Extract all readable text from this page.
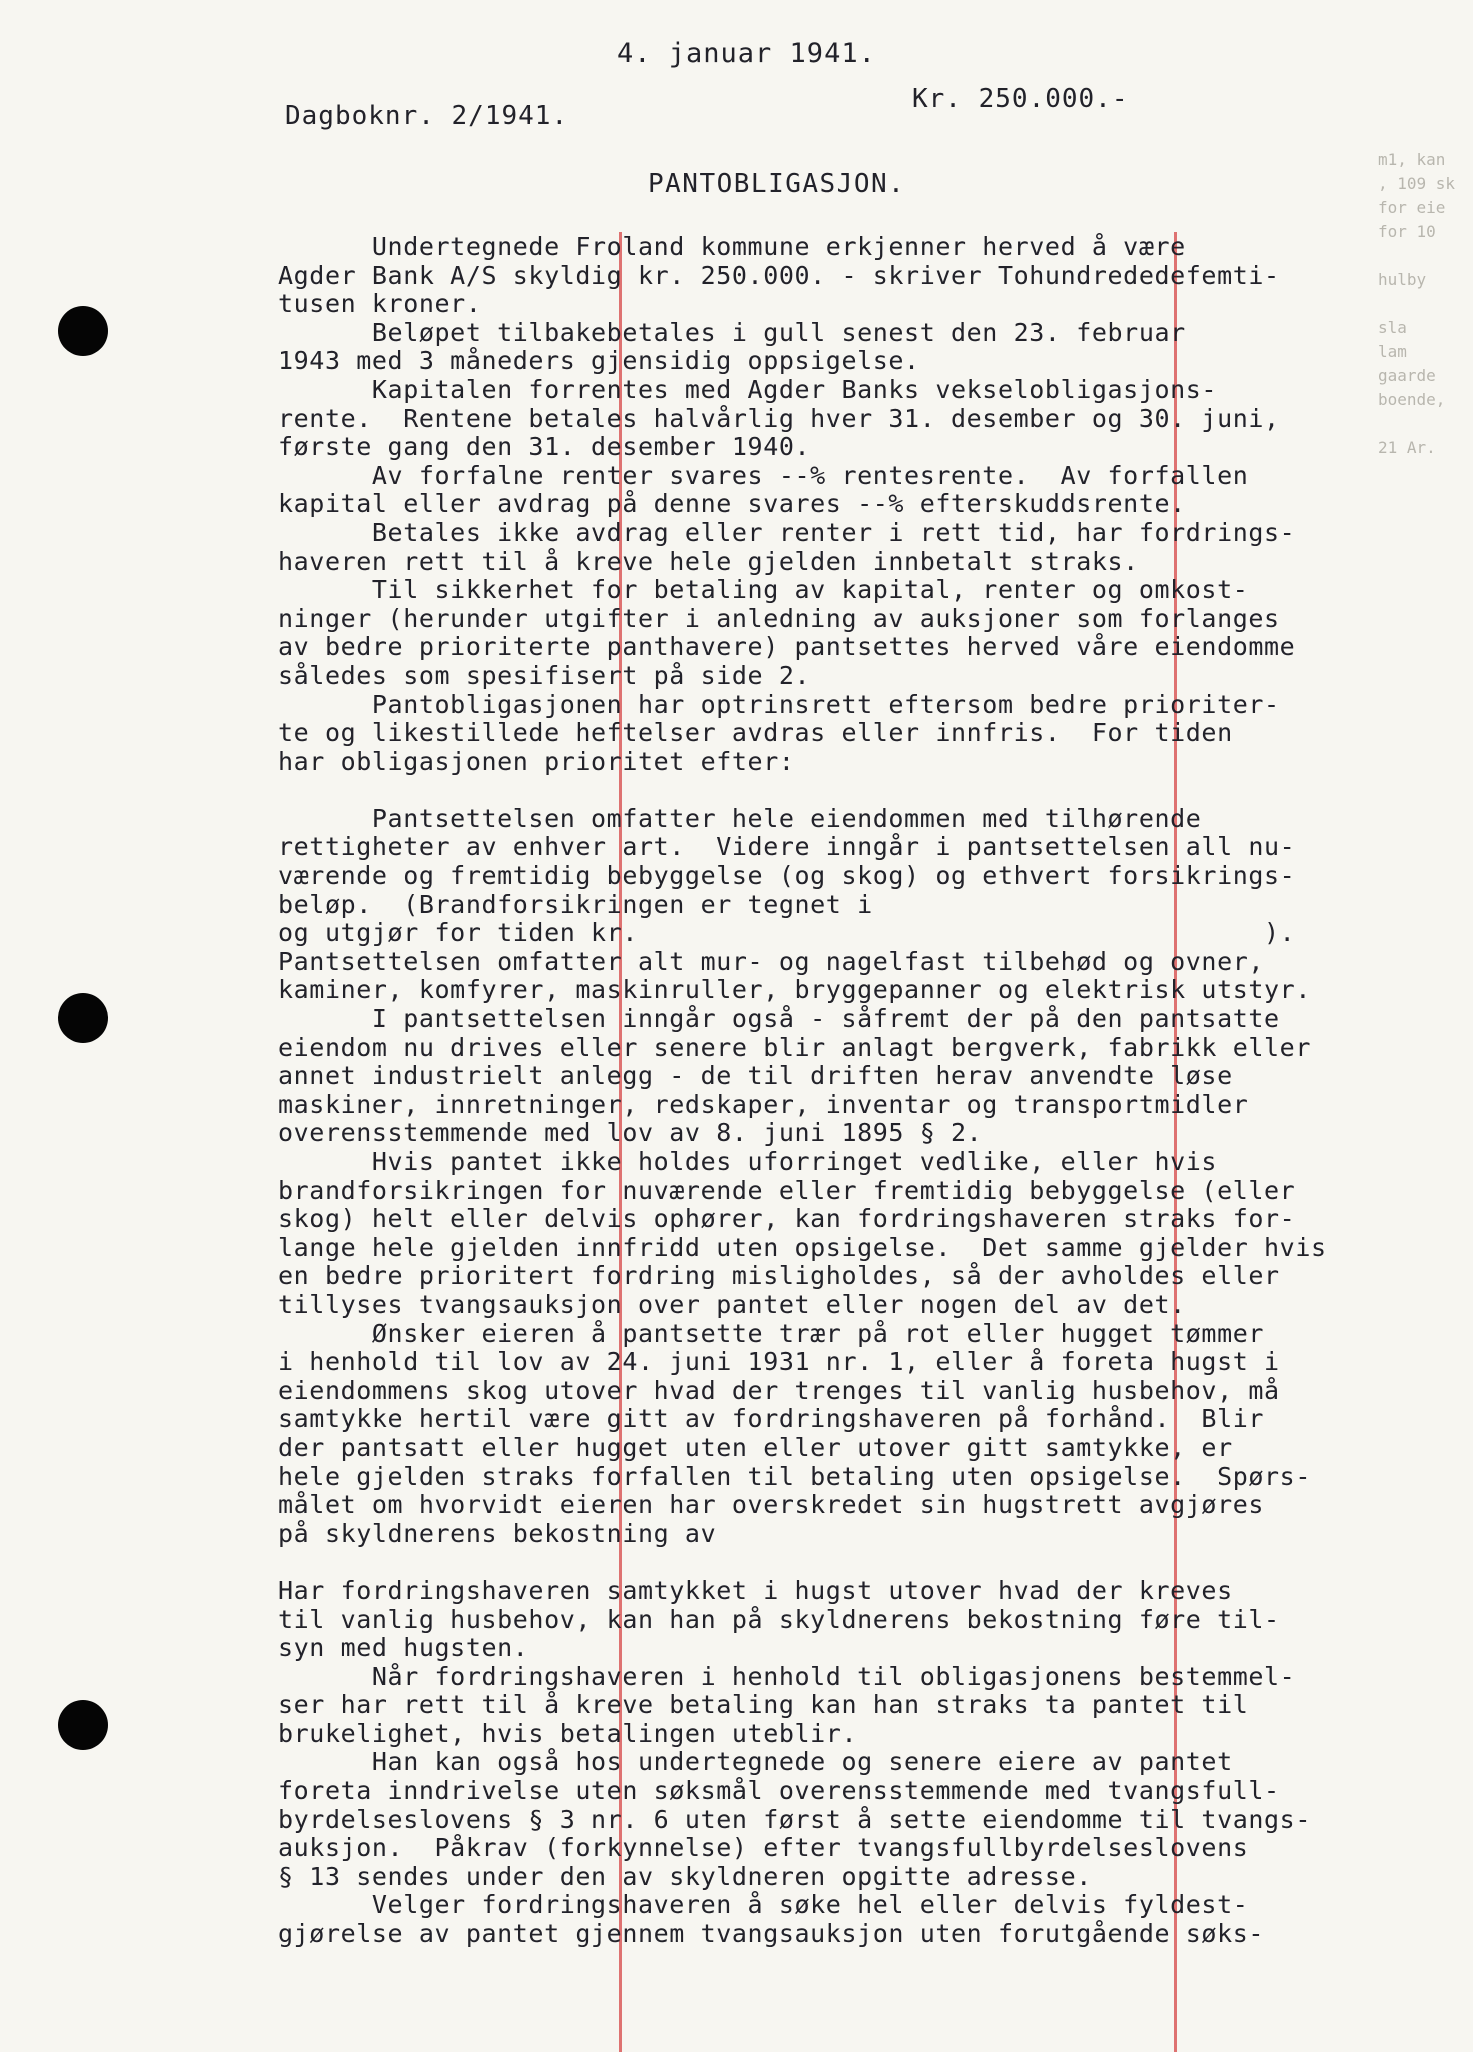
m1, kan
, 109 sk
for eie
for 10

hulby

sla
lam
gaarde
boende,

21 Ar.
4. januar 1941.
Dagboknr. 2/1941.
Kr. 250.000.-
PANTOBLIGASJON.
Undertegnede Froland kommune erkjenner herved å være
Agder Bank A/S skyldig kr. 250.000. - skriver Tohundrededefemti-
tusen kroner.
Beløpet tilbakebetales i gull senest den 23. februar
1943 med 3 måneders gjensidig oppsigelse.
Kapitalen forrentes med Agder Banks vekselobligasjons-
rente.  Rentene betales halvårlig hver 31. desember og 30. juni,
første gang den 31. desember 1940.
Av forfalne renter svares --% rentesrente.  Av forfallen
kapital eller avdrag på denne svares --% efterskuddsrente.
Betales ikke avdrag eller renter i rett tid, har fordrings-
haveren rett til å kreve hele gjelden innbetalt straks.
Til sikkerhet for betaling av kapital, renter og omkost-
ninger (herunder utgifter i anledning av auksjoner som forlanges
av bedre prioriterte panthavere) pantsettes herved våre eiendomme
således som spesifisert på side 2.
Pantobligasjonen har optrinsrett eftersom bedre prioriter-
te og likestillede heftelser avdras eller innfris.  For tiden
har obligasjonen prioritet efter:

Pantsettelsen omfatter hele eiendommen med tilhørende
rettigheter av enhver art.  Videre inngår i pantsettelsen all nu-
værende og fremtidig bebyggelse (og skog) og ethvert forsikrings-
beløp.  (Brandforsikringen er tegnet i
og utgjør for tiden kr.                                        ).
Pantsettelsen omfatter alt mur- og nagelfast tilbehød og ovner,
kaminer, komfyrer, maskinruller, bryggepanner og elektrisk utstyr.
I pantsettelsen inngår også - såfremt der på den pantsatte
eiendom nu drives eller senere blir anlagt bergverk, fabrikk eller
annet industrielt anlegg - de til driften herav anvendte løse
maskiner, innretninger, redskaper, inventar og transportmidler
overensstemmende med lov av 8. juni 1895 § 2.
Hvis pantet ikke holdes uforringet vedlike, eller hvis
brandforsikringen for nuværende eller fremtidig bebyggelse (eller
skog) helt eller delvis ophører, kan fordringshaveren straks for-
lange hele gjelden innfridd uten opsigelse.  Det samme gjelder hvis
en bedre prioritert fordring misligholdes, så der avholdes eller
tillyses tvangsauksjon over pantet eller nogen del av det.
Ønsker eieren å pantsette trær på rot eller hugget tømmer
i henhold til lov av 24. juni 1931 nr. 1, eller å foreta hugst i
eiendommens skog utover hvad der trenges til vanlig husbehov, må
samtykke hertil være gitt av fordringshaveren på forhånd.  Blir
der pantsatt eller hugget uten eller utover gitt samtykke, er
hele gjelden straks forfallen til betaling uten opsigelse.  Spørs-
målet om hvorvidt eieren har overskredet sin hugstrett avgjøres
på skyldnerens bekostning av

Har fordringshaveren samtykket i hugst utover hvad der kreves
til vanlig husbehov, kan han på skyldnerens bekostning føre til-
syn med hugsten.
Når fordringshaveren i henhold til obligasjonens bestemmel-
ser har rett til å kreve betaling kan han straks ta pantet til
brukelighet, hvis betalingen uteblir.
Han kan også hos undertegnede og senere eiere av pantet
foreta inndrivelse uten søksmål overensstemmende med tvangsfull-
byrdelseslovens § 3 nr. 6 uten først å sette eiendomme til tvangs-
auksjon.  Påkrav (forkynnelse) efter tvangsfullbyrdelseslovens
§ 13 sendes under den av skyldneren opgitte adresse.
Velger fordringshaveren å søke hel eller delvis fyldest-
gjørelse av pantet gjennem tvangsauksjon uten forutgående søks-
